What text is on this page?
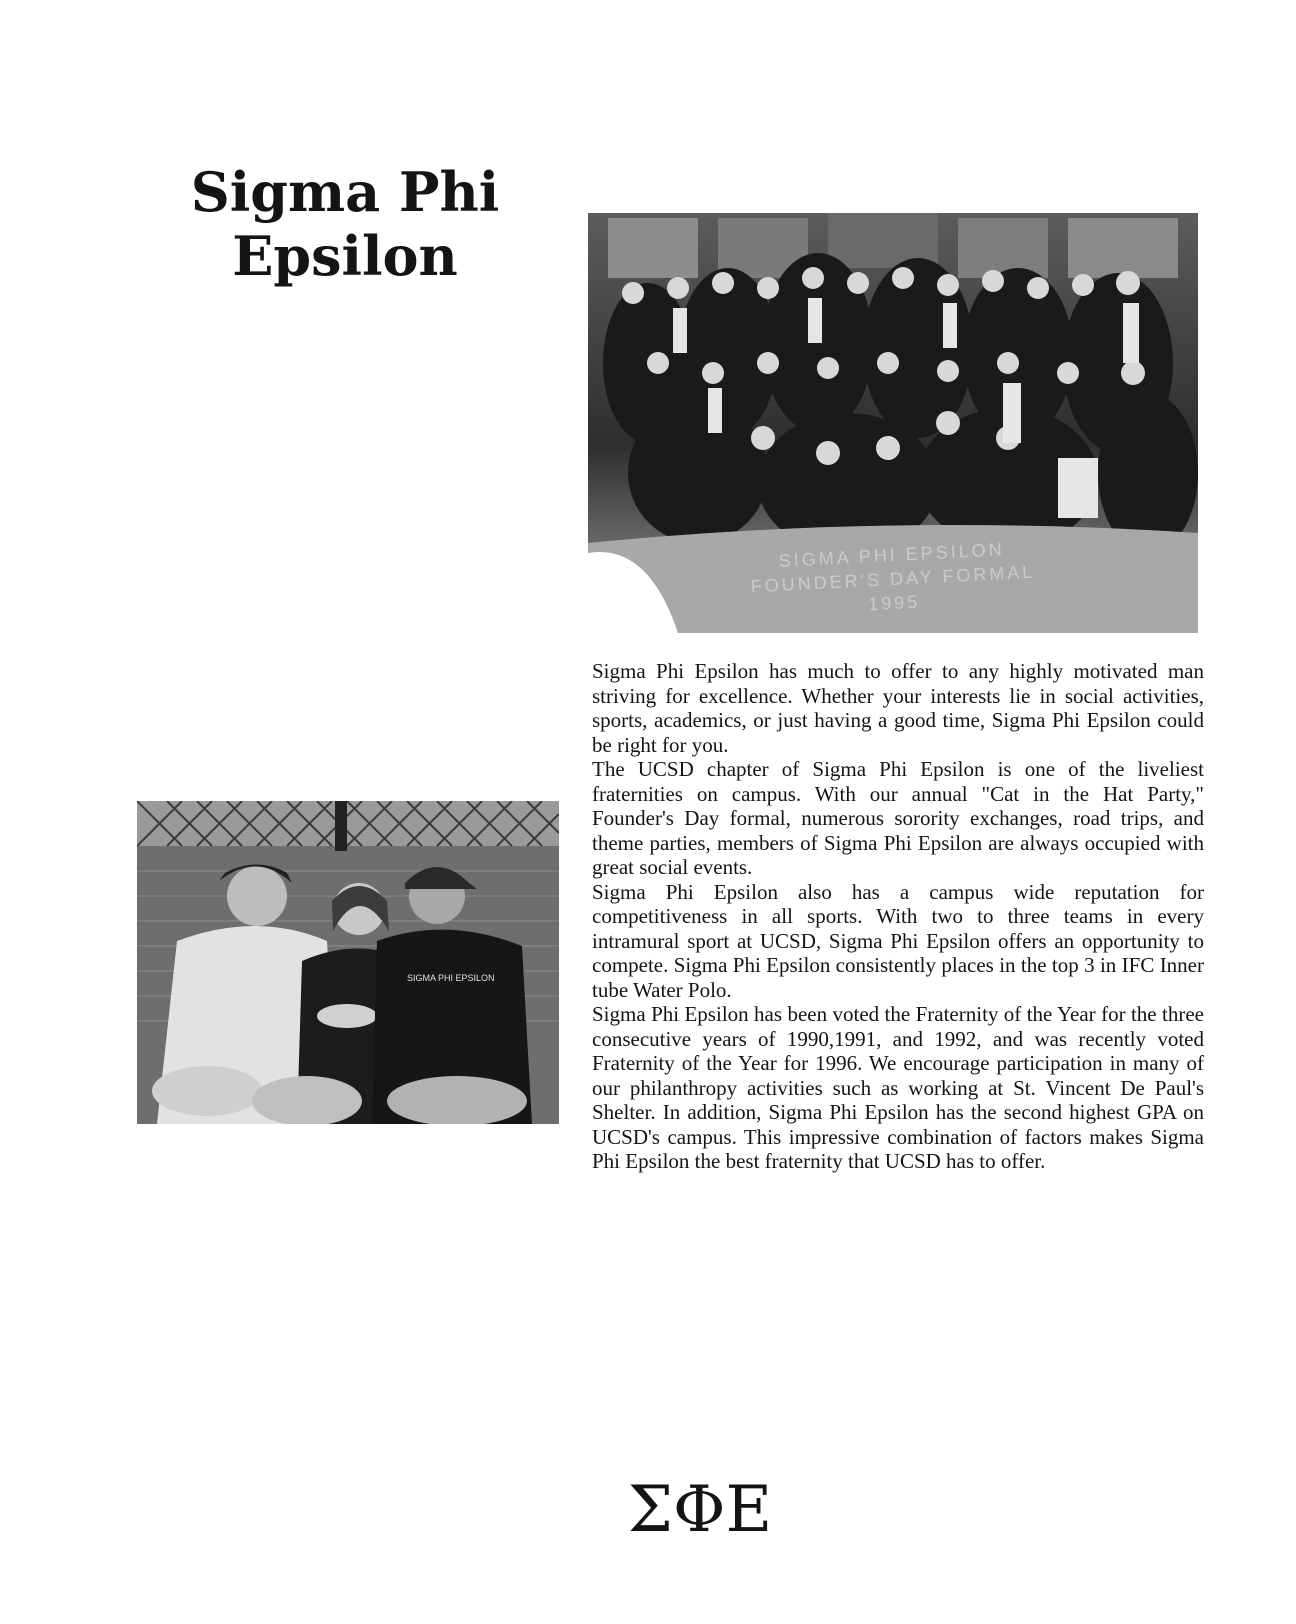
Sigma Phi
Epsilon
SIGMA PHI EPSILON
FOUNDER'S DAY FORMAL 1995
SIGMA PHI EPSILON

Sigma Phi Epsilon has much to offer to any highly motivated man striving for excellence. Whether your interests lie in social activities, sports, academics, or just having a good time, Sigma Phi Epsilon could be right for you.

The UCSD chapter of Sigma Phi Epsilon is one of the liveliest fraternities on campus. With our annual "Cat in the Hat Party," Founder's Day formal, numerous sorority exchanges, road trips, and theme parties, members of Sigma Phi Epsilon are always occupied with great social events.

Sigma Phi Epsilon also has a campus wide reputation for competitiveness in all sports. With two to three teams in every intramural sport at UCSD, Sigma Phi Epsilon offers an opportunity to compete. Sigma Phi Epsilon consistently places in the top 3 in IFC Inner tube Water Polo.

Sigma Phi Epsilon has been voted the Fraternity of the Year for the three consecutive years of 1990,1991, and 1992, and was recently voted Fraternity of the Year for 1996. We encourage participation in many of our philanthropy activities such as working at St. Vincent De Paul's Shelter. In addition, Sigma Phi Epsilon has the second highest GPA on UCSD's campus. This impressive combination of factors makes Sigma Phi Epsilon the best fraternity that UCSD has to offer.

ΣΦΕ
